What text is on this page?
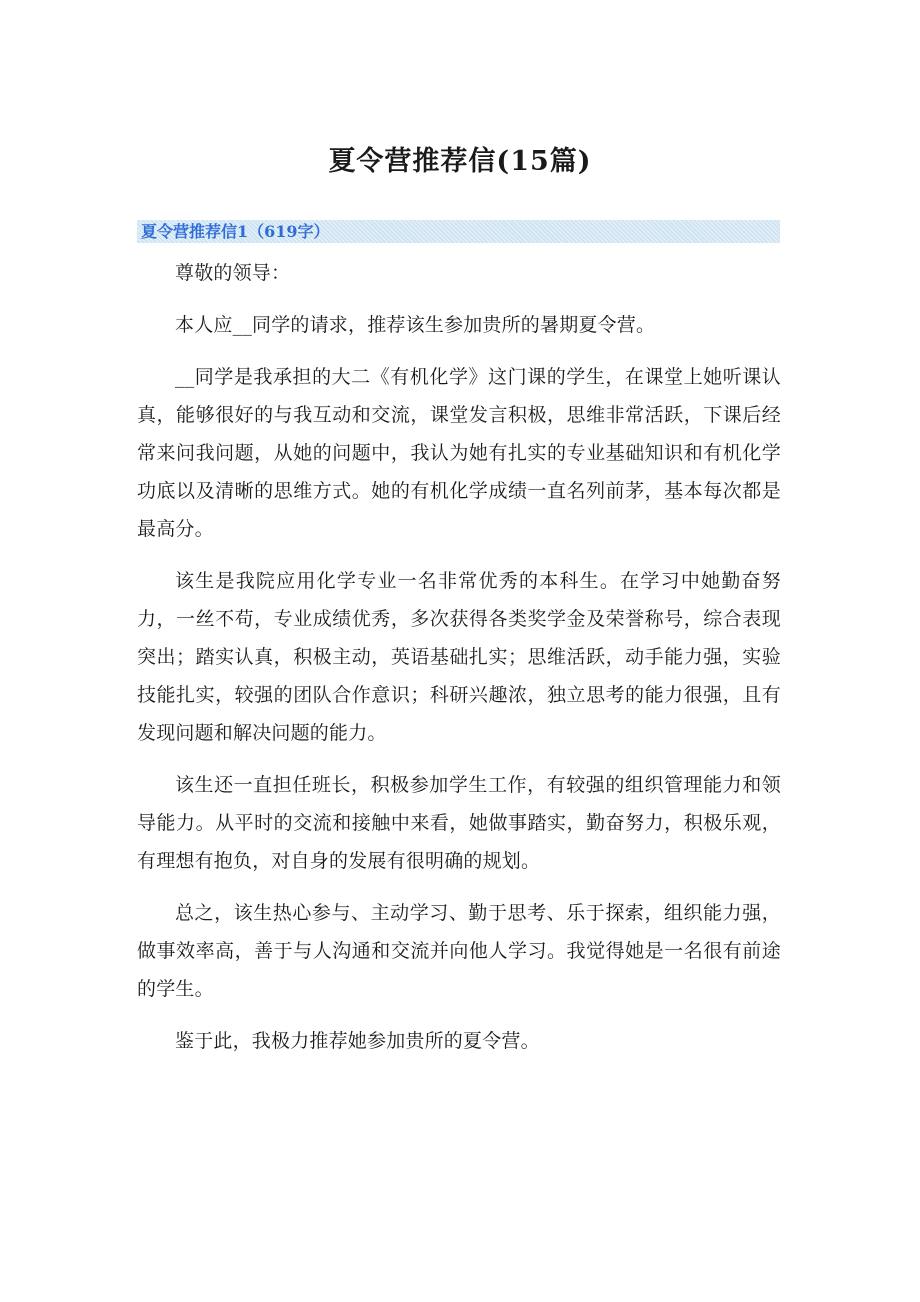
夏令营推荐信(15篇)
夏令营推荐信1（619字）

尊敬的领导：

本人应__同学的请求，推荐该生参加贵所的暑期夏令营。

__同学是我承担的大二《有机化学》这门课的学生，在课堂上她听课认真，能够很好的与我互动和交流，课堂发言积极，思维非常活跃，下课后经常来问我问题，从她的问题中，我认为她有扎实的专业基础知识和有机化学功底以及清晰的思维方式。她的有机化学成绩一直名列前茅，基本每次都是最高分。

该生是我院应用化学专业一名非常优秀的本科生。在学习中她勤奋努力，一丝不苟，专业成绩优秀，多次获得各类奖学金及荣誉称号，综合表现突出；踏实认真，积极主动，英语基础扎实；思维活跃，动手能力强，实验技能扎实，较强的团队合作意识；科研兴趣浓，独立思考的能力很强，且有发现问题和解决问题的能力。

该生还一直担任班长，积极参加学生工作，有较强的组织管理能力和领导能力。从平时的交流和接触中来看，她做事踏实，勤奋努力，积极乐观，有理想有抱负，对自身的发展有很明确的规划。

总之，该生热心参与、主动学习、勤于思考、乐于探索，组织能力强，做事效率高，善于与人沟通和交流并向他人学习。我觉得她是一名很有前途的学生。

鉴于此，我极力推荐她参加贵所的夏令营。
